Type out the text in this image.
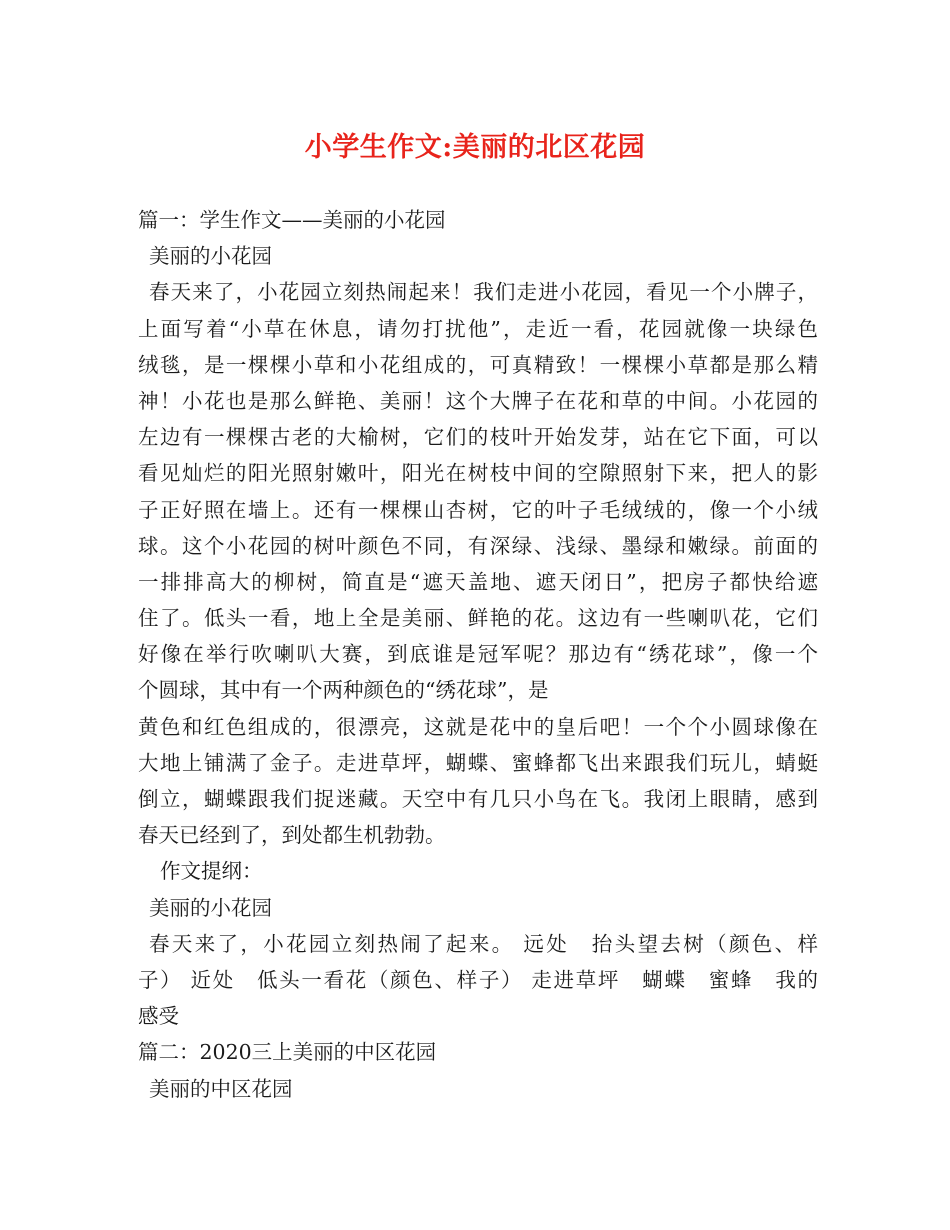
小学生作文:美丽的北区花园

篇一：学生作文——美丽的小花园

美丽的小花园

春天来了，小花园立刻热闹起来！我们走进小花园，看见一个小牌子，

上面写着“小草在休息，请勿打扰他”，走近一看，花园就像一块绿色

绒毯，是一棵棵小草和小花组成的，可真精致！一棵棵小草都是那么精

神！小花也是那么鲜艳、美丽！这个大牌子在花和草的中间。小花园的

左边有一棵棵古老的大榆树，它们的枝叶开始发芽，站在它下面，可以

看见灿烂的阳光照射嫩叶，阳光在树枝中间的空隙照射下来，把人的影

子正好照在墙上。还有一棵棵山杏树，它的叶子毛绒绒的，像一个小绒

球。这个小花园的树叶颜色不同，有深绿、浅绿、墨绿和嫩绿。前面的

一排排高大的柳树，简直是“遮天盖地、遮天闭日”，把房子都快给遮

住了。低头一看，地上全是美丽、鲜艳的花。这边有一些喇叭花，它们

好像在举行吹喇叭大赛，到底谁是冠军呢？那边有“绣花球”，像一个

个圆球，其中有一个两种颜色的“绣花球”，是

黄色和红色组成的，很漂亮，这就是花中的皇后吧！一个个小圆球像在

大地上铺满了金子。走进草坪，蝴蝶、蜜蜂都飞出来跟我们玩儿，蜻蜓

倒立，蝴蝶跟我们捉迷藏。天空中有几只小鸟在飞。我闭上眼睛，感到

春天已经到了，到处都生机勃勃。

作文提纲：

美丽的小花园

春天来了，小花园立刻热闹了起来。 远处　抬头望去树（颜色、样

子） 近处　低头一看花（颜色、样子） 走进草坪　蝴蝶　蜜蜂　我的

感受

篇二：2020三上美丽的中区花园

美丽的中区花园
